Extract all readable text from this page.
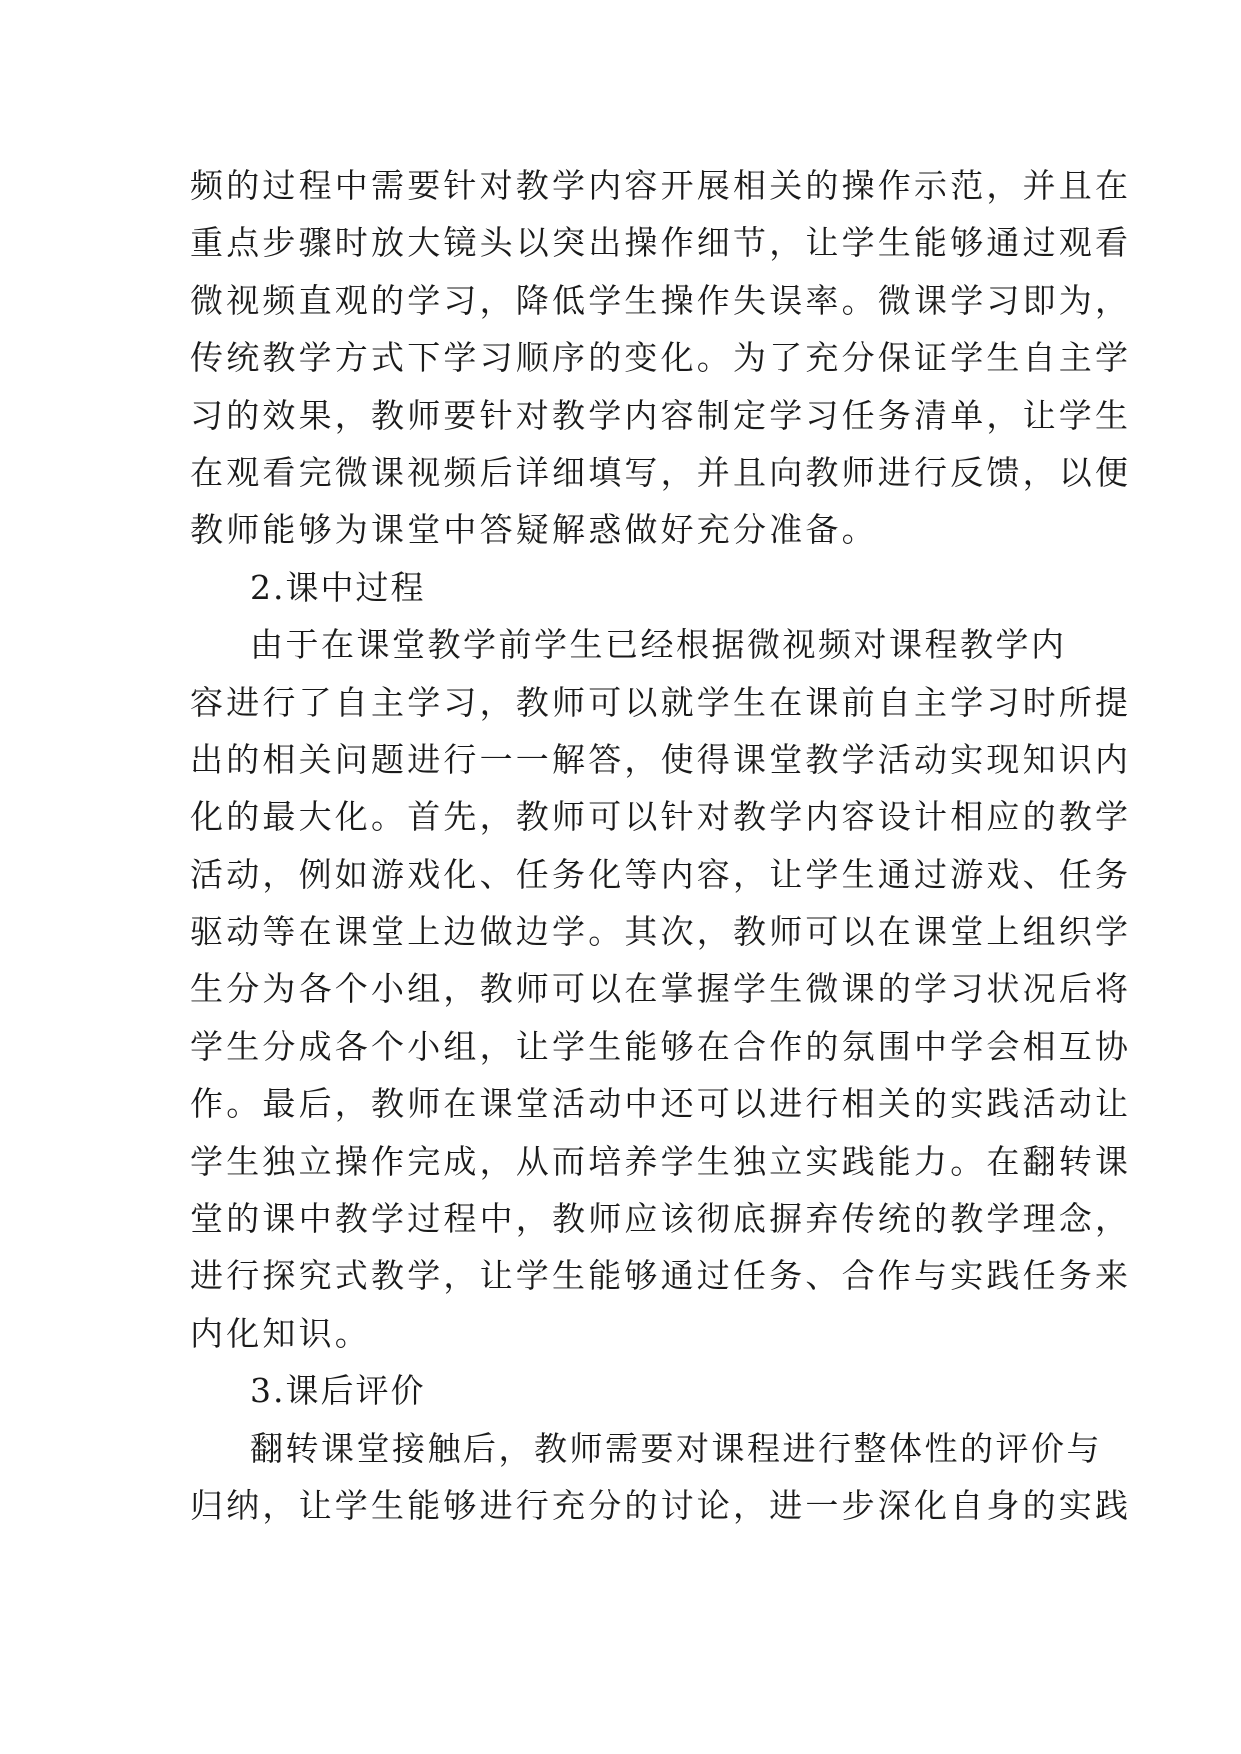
频的过程中需要针对教学内容开展相关的操作示范，并且在
重点步骤时放大镜头以突出操作细节，让学生能够通过观看
微视频直观的学习，降低学生操作失误率。微课学习即为，
传统教学方式下学习顺序的变化。为了充分保证学生自主学
习的效果，教师要针对教学内容制定学习任务清单，让学生
在观看完微课视频后详细填写，并且向教师进行反馈，以便
教师能够为课堂中答疑解惑做好充分准备。
2.课中过程
由于在课堂教学前学生已经根据微视频对课程教学内
容进行了自主学习，教师可以就学生在课前自主学习时所提
出的相关问题进行一一解答，使得课堂教学活动实现知识内
化的最大化。首先，教师可以针对教学内容设计相应的教学
活动，例如游戏化、任务化等内容，让学生通过游戏、任务
驱动等在课堂上边做边学。其次，教师可以在课堂上组织学
生分为各个小组，教师可以在掌握学生微课的学习状况后将
学生分成各个小组，让学生能够在合作的氛围中学会相互协
作。最后，教师在课堂活动中还可以进行相关的实践活动让
学生独立操作完成，从而培养学生独立实践能力。在翻转课
堂的课中教学过程中，教师应该彻底摒弃传统的教学理念，
进行探究式教学，让学生能够通过任务、合作与实践任务来
内化知识。
3.课后评价
翻转课堂接触后，教师需要对课程进行整体性的评价与
归纳，让学生能够进行充分的讨论，进一步深化自身的实践
